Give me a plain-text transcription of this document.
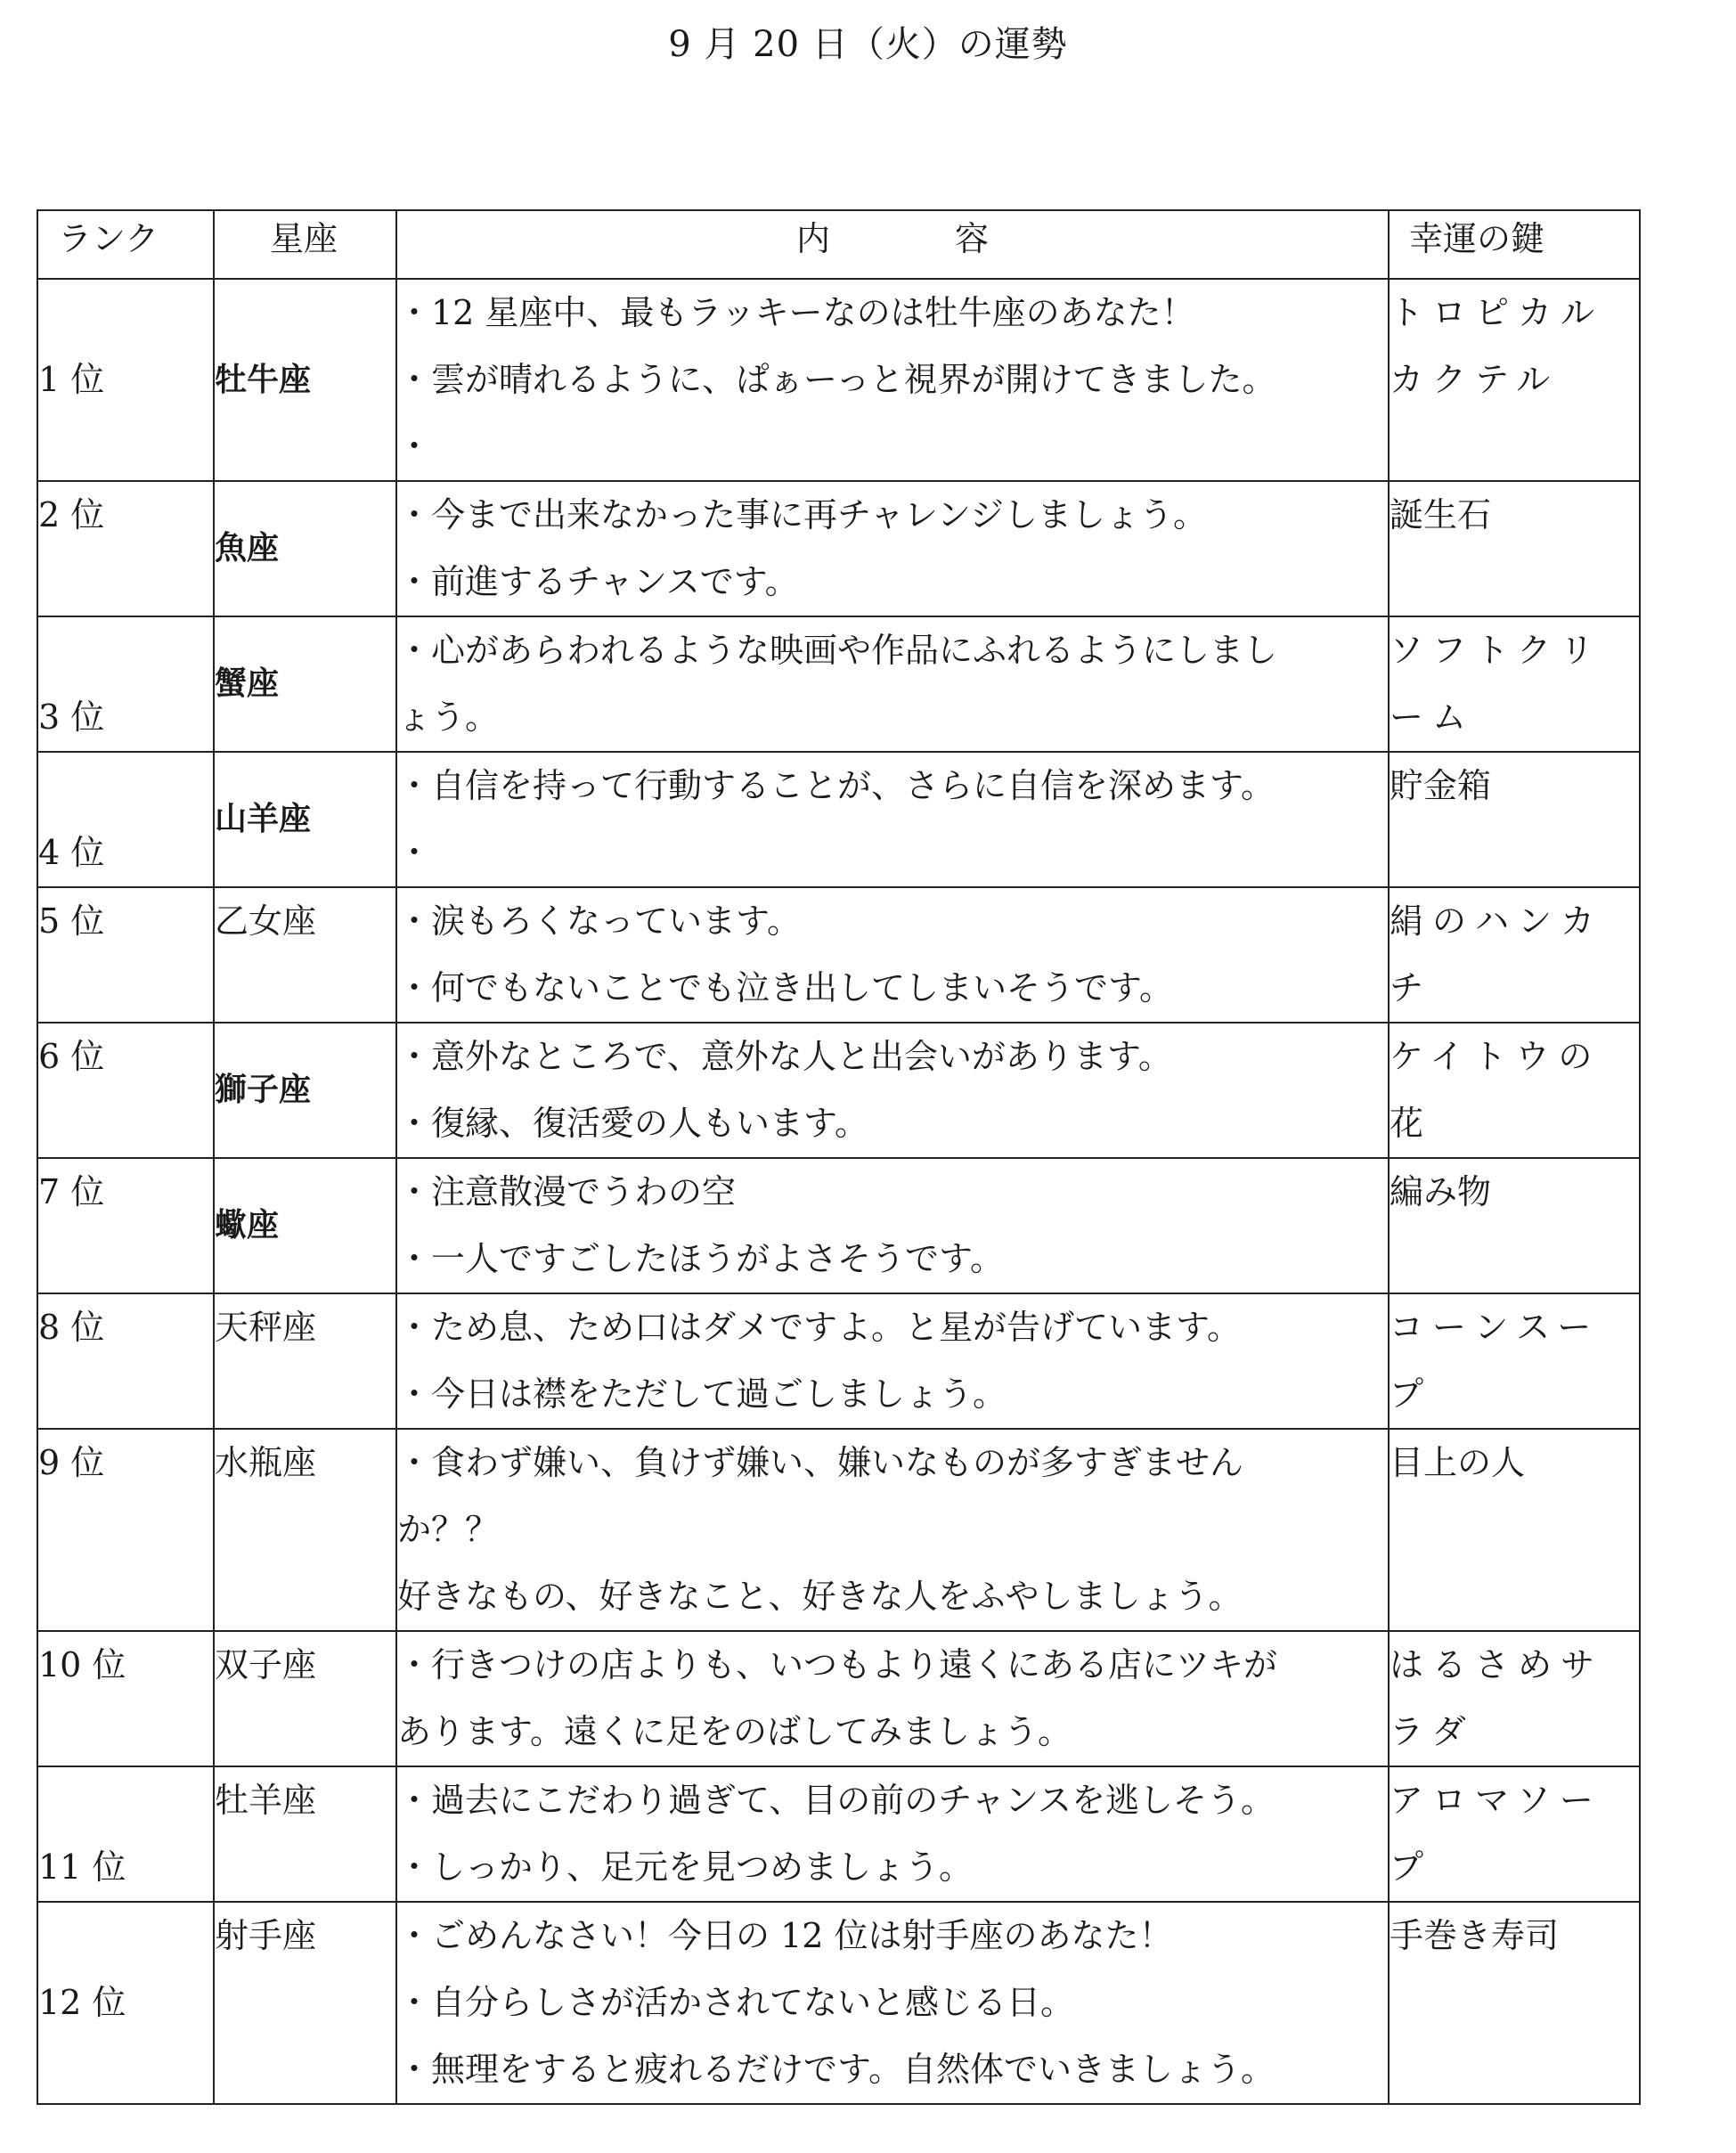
9 月 20 日（火）の運勢
ランク	星座	内 容	幸運の鍵

1 位	牡牛座	・12 星座中、最もラッキーなのは牡牛座のあなた！
・雲が晴れるように、ぱぁーっと視界が開けてきました。
・	トロピカル
カクテル

2 位	魚座	・今まで出来なかった事に再チャレンジしましょう。
・前進するチャンスです。	誕生石

3 位	蟹座	・心があらわれるような映画や作品にふれるようにしまし
ょう。	ソフトクリ
ーム

4 位	山羊座	・自信を持って行動することが、さらに自信を深めます。
・	貯金箱

5 位	乙女座	・涙もろくなっています。
・何でもないことでも泣き出してしまいそうです。	絹のハンカ
チ

6 位	獅子座	・意外なところで、意外な人と出会いがあります。
・復縁、復活愛の人もいます。	ケイトウの
花

7 位	蠍座	・注意散漫でうわの空
・一人ですごしたほうがよさそうです。	編み物

8 位	天秤座	・ため息、ため口はダメですよ。と星が告げています。
・今日は襟をただして過ごしましょう。	コーンスー
プ

9 位	水瓶座	・食わず嫌い、負けず嫌い、嫌いなものが多すぎません
か？？
好きなもの、好きなこと、好きな人をふやしましょう。	目上の人

10 位	双子座	・行きつけの店よりも、いつもより遠くにある店にツキが
あります。遠くに足をのばしてみましょう。	はるさめサ
ラダ

11 位	牡羊座	・過去にこだわり過ぎて、目の前のチャンスを逃しそう。
・しっかり、足元を見つめましょう。	アロマソー
プ

12 位	射手座	・ごめんなさい！今日の 12 位は射手座のあなた！
・自分らしさが活かされてないと感じる日。
・無理をすると疲れるだけです。自然体でいきましょう。	手巻き寿司
